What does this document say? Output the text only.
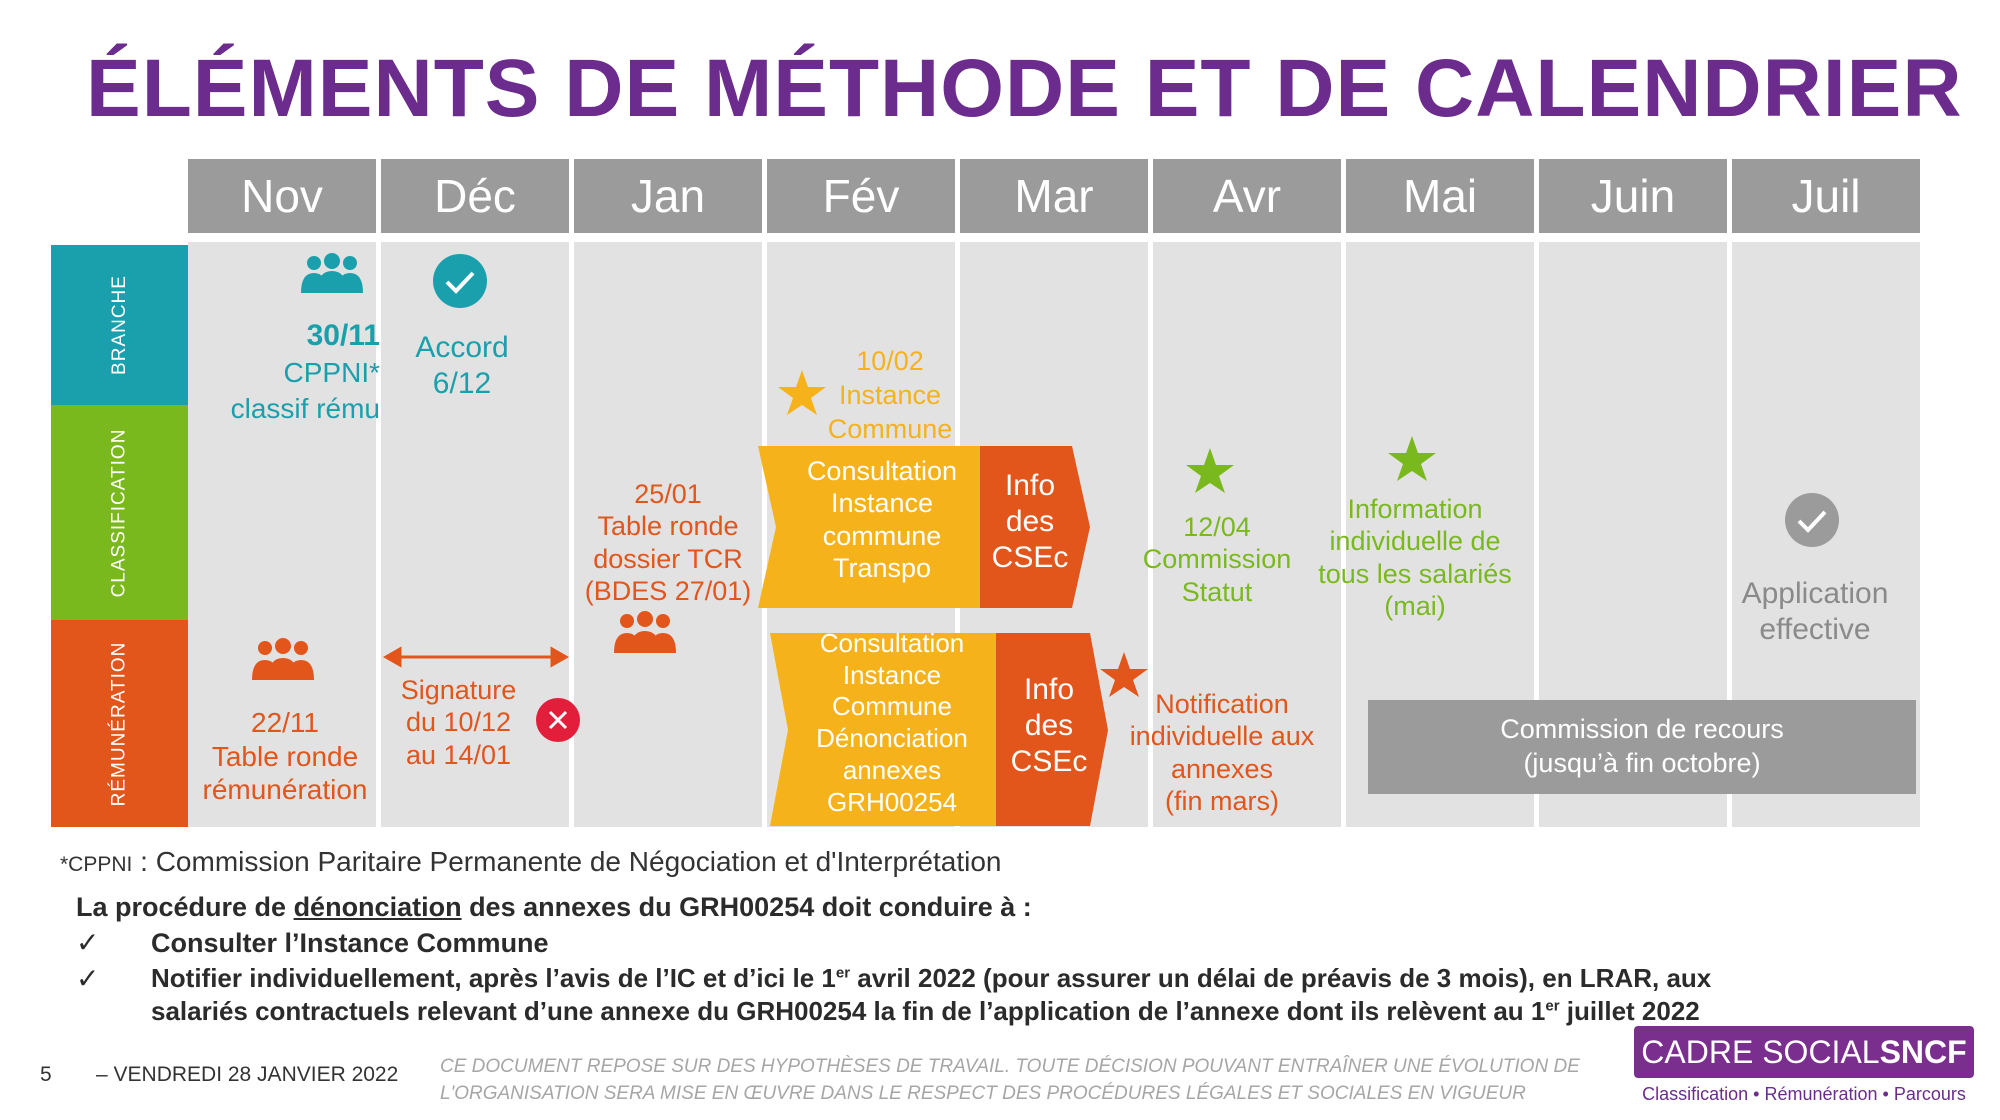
ÉLÉMENTS DE MÉTHODE ET DE CALENDRIER
Nov	Déc	Jan	Fév	Mar	Avr	Mai	Juin	Juil
BRANCHE
CLASSIFICATION
RÉMUNÉRATION
30/11
CPPNI*
classif rému
Accord
6/12
10/02
Instance
Commune
Consultation
Instance
commune
Transpo
Info
des
CSEc
25/01
Table ronde
dossier TCR
(BDES 27/01)
12/04
Commission
Statut
Information
individuelle de
tous les salariés
(mai)	Application
effective
22/11
Table ronde
rémunération
Signature
du 10/12
au 14/01
Consultation
Instance
Commune
Dénonciation
annexes
GRH00254
Info
des
CSEc
Notification
individuelle aux
annexes
(fin mars)
Commission de recours
(jusqu’à fin octobre)
*CPPNI : Commission Paritaire Permanente de Négociation et d'Interprétation
La procédure de dénonciation des annexes du GRH00254 doit conduire à :
✓ Consulter l’Instance Commune
✓ Notifier individuellement, après l’avis de l’IC et d’ici le 1er avril 2022 (pour assurer un délai de préavis de 3 mois), en LRAR, aux
salariés contractuels relevant d’une annexe du GRH00254 la fin de l’application de l’annexe dont ils relèvent au 1er juillet 2022
5 – VENDREDI 28 JANVIER 2022 CE DOCUMENT REPOSE SUR DES HYPOTHÈSES DE TRAVAIL. TOUTE DÉCISION POUVANT ENTRAÎNER UNE ÉVOLUTION DE
L'ORGANISATION SERA MISE EN ŒUVRE DANS LE RESPECT DES PROCÉDURES LÉGALES ET SOCIALES EN VIGUEUR
CADRE SOCIAL SNCF
Classification • Rémunération • Parcours
